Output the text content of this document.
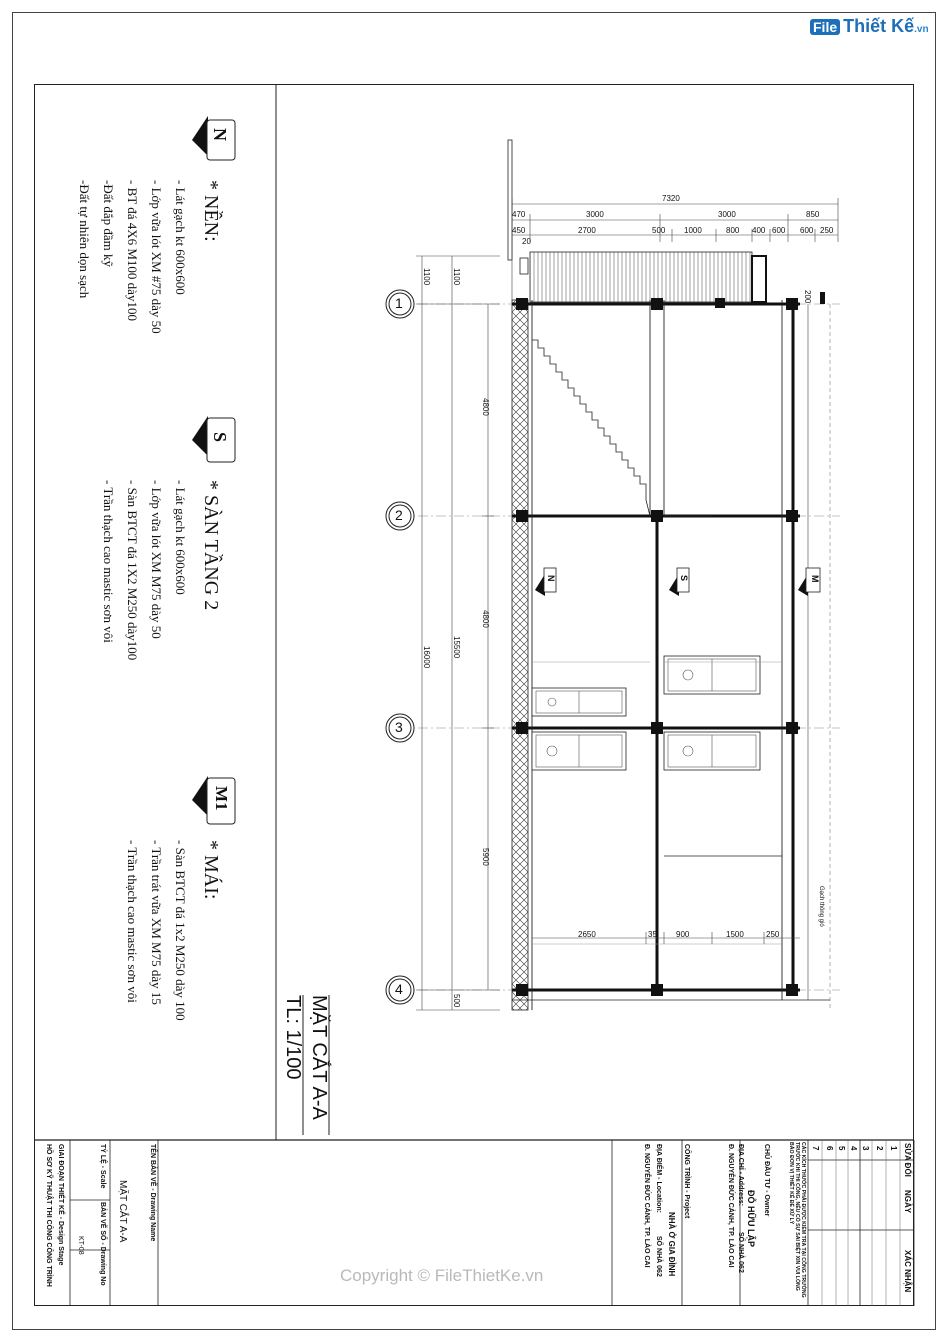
File Thiết Kế.vn
N
* NỀN:
- Lát gạch kt 600x600
- Lớp vữa lót XM #75 dày 50
- BT đá 4X6 M100 dày100
-Đất đắp đầm kỹ
-Đất tự nhiên dọn sạch
S
* SÀN TẦNG 2
- Lát gạch kt 600x600
- Lớp vữa lót XM M75 dày 50
- Sàn BTCT đá 1X2 M250 dày100
- Trần thạch cao mastic sơn vôi
M1
* MÁI:
- Sàn BTCT đá 1x2 M250 dày 100
- Trần trát vữa XM M75 dày 15
- Trần thạch cao mastic sơn vôi
MẶT CẮT A-A
TL: 1/100
1
2
3
4
7320
470	3000	3000	850
450	2700	500 1000	800 400 600 600 250
20
200
1100	1100
16000	15500
500
4800
4800
5900
2650	35 900	1500	250
Gạch thông gió
N	S	M
SỬA ĐỔI
NGÀY
XÁC NHẬN
1
2
3
4
5
6
7
CÁC KÍCH THƯỚC PHẢI ĐƯỢC KIỂM TRA TẠI CÔNG TRƯỜNG TRƯỚC KHI THI CÔNG, NẾU CÓ SỰ SAI BIỆT XIN VUI LÒNG BÁO ĐƠN VỊ THIẾT KẾ ĐỂ XỬ LÝ
CHỦ ĐẦU TƯ - Owner
ĐỖ HỮU LẬP
ĐỊA CHỈ - Address:
SỐ NHÀ 062
Đ. NGUYỄN ĐỨC CẢNH, TP. LÀO CAI
CÔNG TRÌNH - Project
NHÀ Ở GIA ĐÌNH
ĐỊA ĐIỂM - Location:
SỐ NHÀ 062
Đ. NGUYỄN ĐỨC CẢNH, TP. LÀO CAI
TÊN BẢN VẼ - Drawing Name
MẶT CẮT A-A
TỶ LỆ - Scale
BẢN VẼ SỐ - Drawing No
KT-08
GIAI ĐOẠN THIẾT KẾ - Design Stage
HỒ SƠ KỸ THUẬT THI CÔNG CÔNG TRÌNH	Copyright © FileThietKe.vn
